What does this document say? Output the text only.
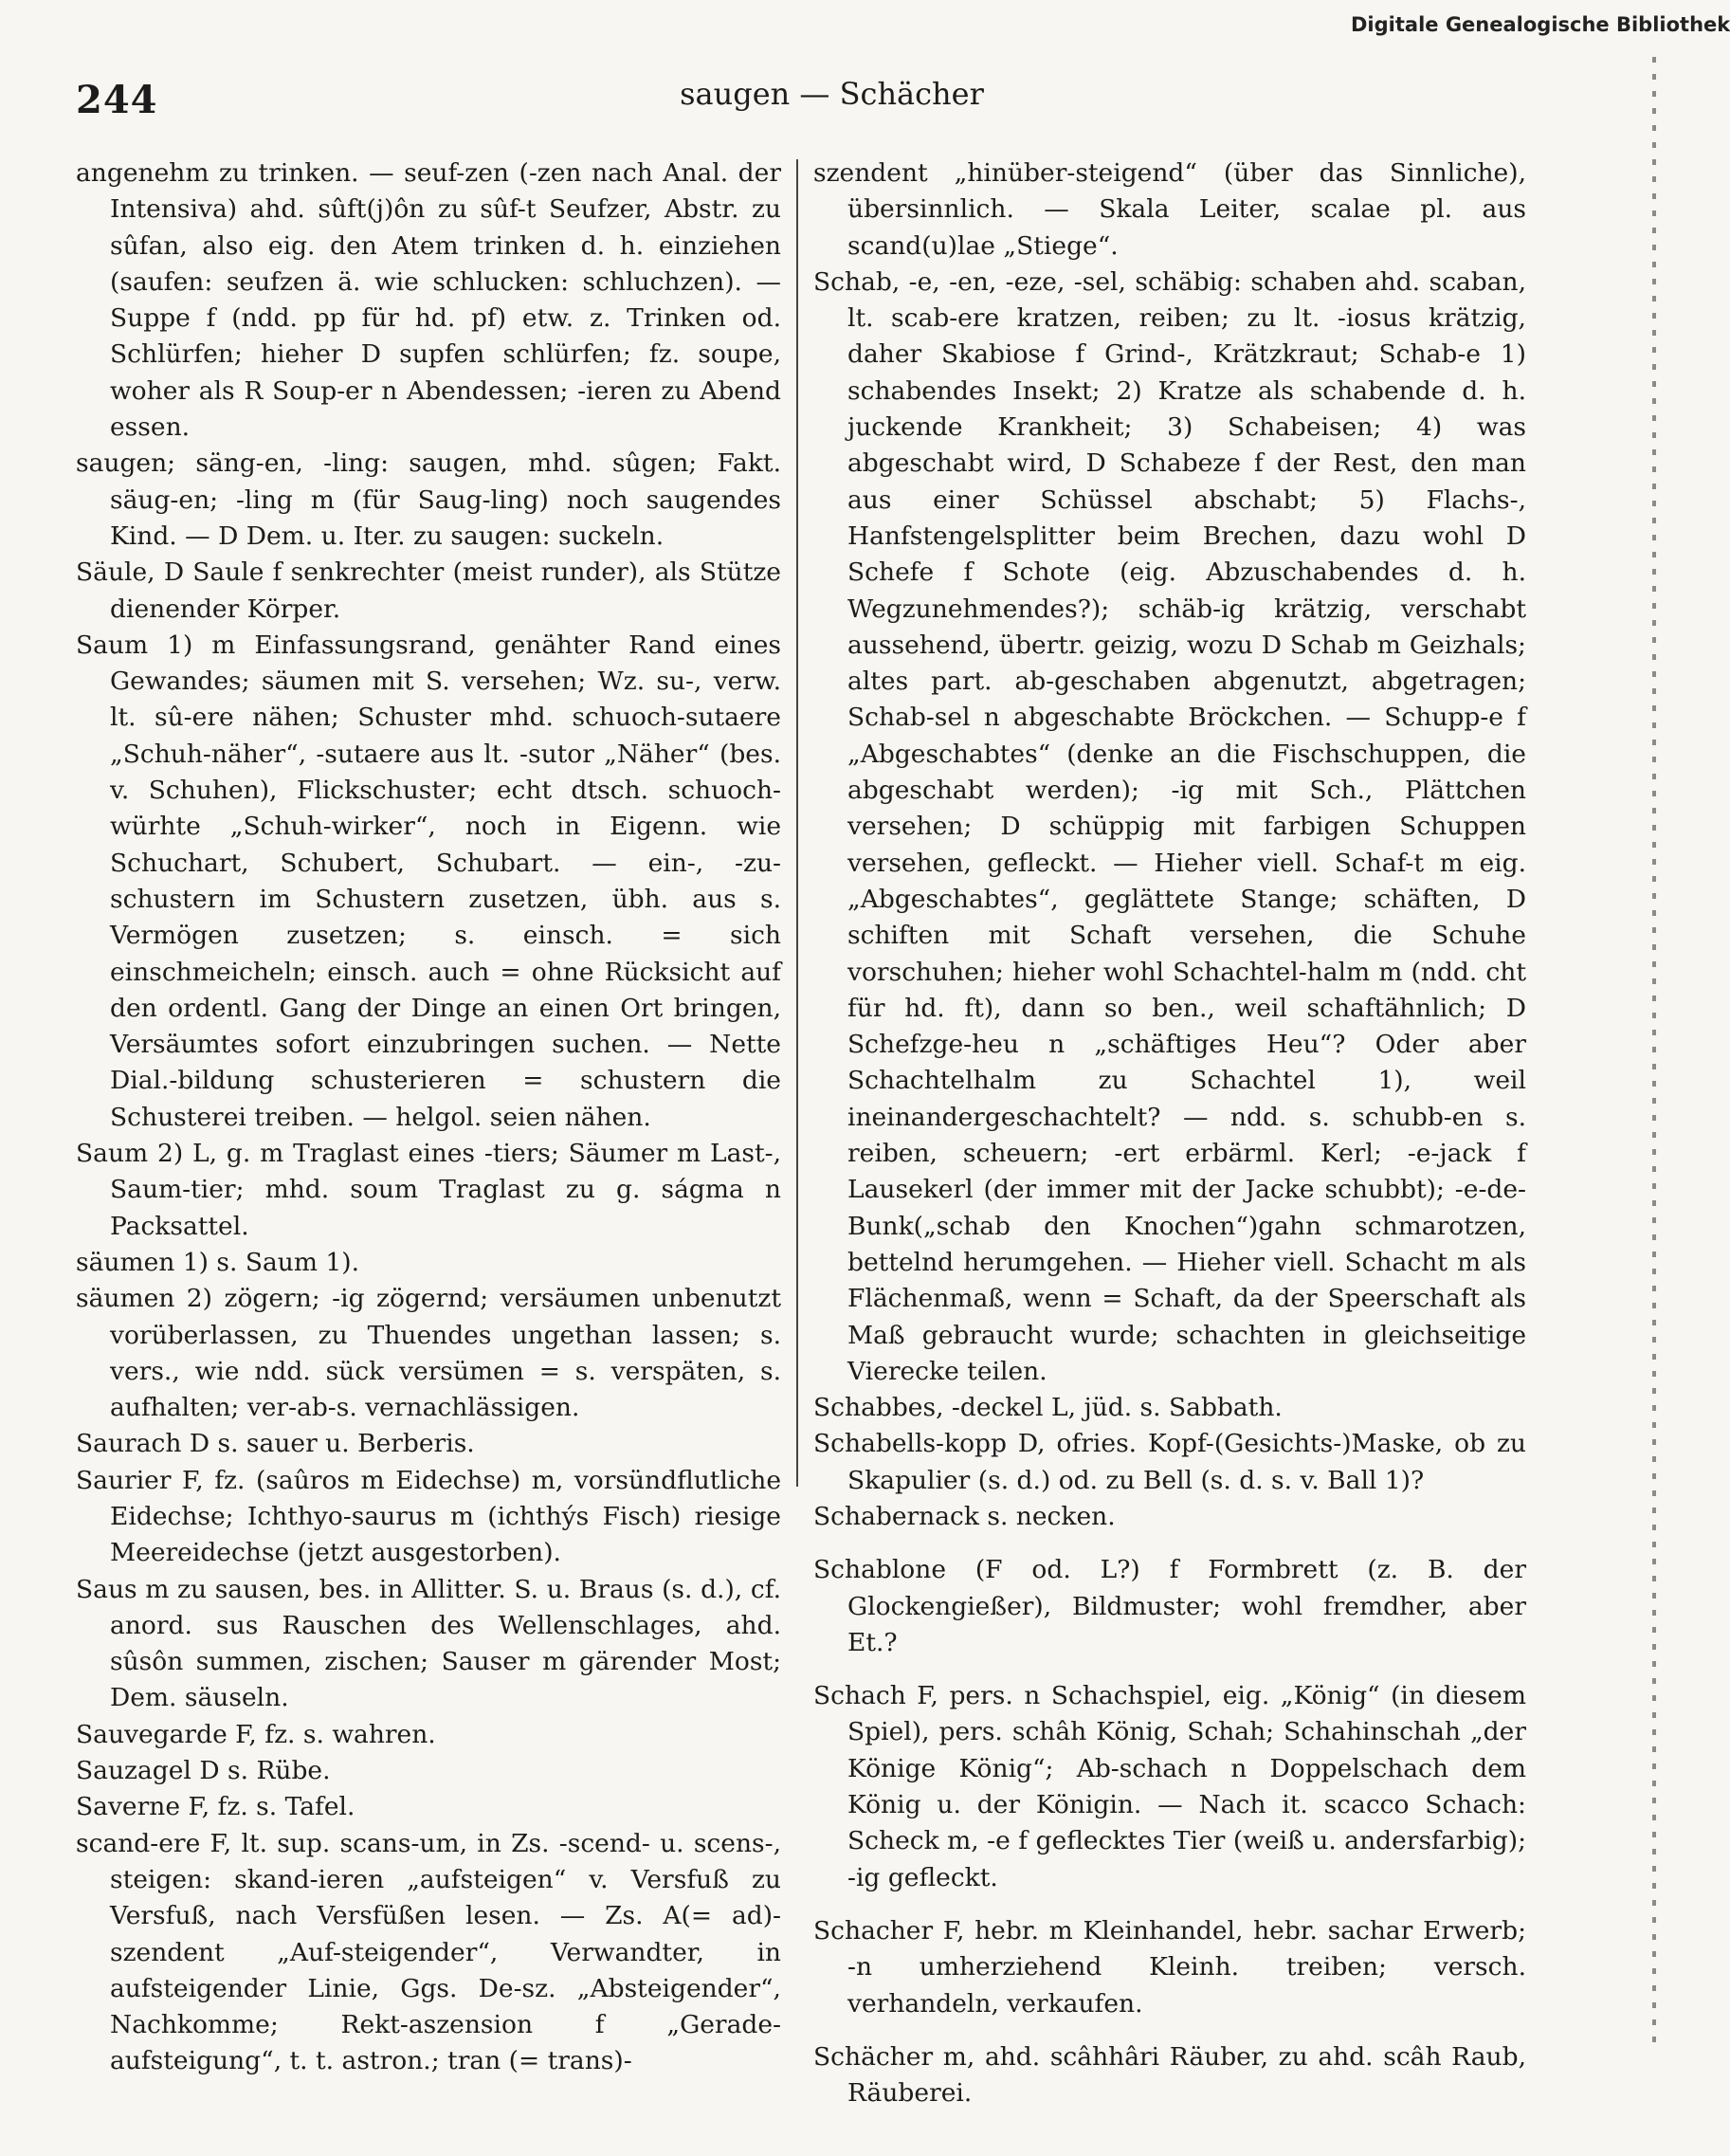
Digitale Genealogische Bibliothek
244	saugen — Schächer

angenehm zu trinken. — seuf-zen (-zen nach Anal. der Intensiva) ahd. sûft(j)ôn zu sûf-t Seufzer, Abstr. zu sûfan, also eig. den Atem trinken d. h. einziehen (saufen: seufzen ä. wie schlucken: schluchzen). — Suppe f (ndd. pp für hd. pf) etw. z. Trinken od. Schlürfen; hieher D supfen schlürfen; fz. soupe, woher als R Soup-er n Abendessen; -ieren zu Abend essen.

saugen; säng-en, -ling: saugen, mhd. sûgen; Fakt. säug-en; -ling m (für Saug-ling) noch saugendes Kind. — D Dem. u. Iter. zu saugen: suckeln.

Säule, D Saule f senkrechter (meist runder), als Stütze dienender Körper.

Saum 1) m Einfassungsrand, genähter Rand eines Gewandes; säumen mit S. versehen; Wz. su-, verw. lt. sû-ere nähen; Schuster mhd. schuoch-sutaere „Schuh-näher“, -sutaere aus lt. -sutor „Näher“ (bes. v. Schuhen), Flickschuster; echt dtsch. schuoch-würhte „Schuh-wirker“, noch in Eigenn. wie Schuchart, Schubert, Schubart. — ein-, -zu-schustern im Schustern zusetzen, übh. aus s. Vermögen zusetzen; s. einsch. = sich einschmeicheln; einsch. auch = ohne Rücksicht auf den ordentl. Gang der Dinge an einen Ort bringen, Versäumtes sofort einzubringen suchen. — Nette Dial.-bildung schusterieren = schustern die Schusterei treiben. — helgol. seien nähen.

Saum 2) L, g. m Traglast eines -tiers; Säumer m Last-, Saum-tier; mhd. soum Traglast zu g. ságma n Packsattel.

säumen 1) s. Saum 1).

säumen 2) zögern; -ig zögernd; versäumen unbenutzt vorüberlassen, zu Thuendes ungethan lassen; s. vers., wie ndd. sück versümen = s. verspäten, s. aufhalten; ver-ab-s. vernachlässigen.

Saurach D s. sauer u. Berberis.

Saurier F, fz. (saûros m Eidechse) m, vorsündflutliche Eidechse; Ichthyo-saurus m (ichthýs Fisch) riesige Meereidechse (jetzt ausgestorben).

Saus m zu sausen, bes. in Allitter. S. u. Braus (s. d.), cf. anord. sus Rauschen des Wellenschlages, ahd. sûsôn summen, zischen; Sauser m gärender Most; Dem. säuseln.

Sauvegarde F, fz. s. wahren.

Sauzagel D s. Rübe.

Saverne F, fz. s. Tafel.

scand-ere F, lt. sup. scans-um, in Zs. -scend- u. scens-, steigen: skand-ieren „aufsteigen“ v. Versfuß zu Versfuß, nach Versfüßen lesen. — Zs. A(= ad)-szendent „Auf-steigender“, Verwandter, in aufsteigender Linie, Ggs. De-sz. „Absteigender“, Nachkomme; Rekt-aszension f „Gerade-aufsteigung“, t. t. astron.; tran (= trans)-

szendent „hinüber-steigend“ (über das Sinnliche), übersinnlich. — Skala Leiter, scalae pl. aus scand(u)lae „Stiege“.

Schab, -e, -en, -eze, -sel, schäbig: schaben ahd. scaban, lt. scab-ere kratzen, reiben; zu lt. -iosus krätzig, daher Skabiose f Grind-, Krätzkraut; Schab-e 1) schabendes Insekt; 2) Kratze als schabende d. h. juckende Krankheit; 3) Schabeisen; 4) was abgeschabt wird, D Schabeze f der Rest, den man aus einer Schüssel abschabt; 5) Flachs-, Hanfstengelsplitter beim Brechen, dazu wohl D Schefe f Schote (eig. Abzuschabendes d. h. Wegzunehmendes?); schäb-ig krätzig, verschabt aussehend, übertr. geizig, wozu D Schab m Geizhals; altes part. ab-geschaben abgenutzt, abgetragen; Schab-sel n abgeschabte Bröckchen. — Schupp-e f „Abgeschabtes“ (denke an die Fischschuppen, die abgeschabt werden); -ig mit Sch., Plättchen versehen; D schüppig mit farbigen Schuppen versehen, gefleckt. — Hieher viell. Schaf-t m eig. „Abgeschabtes“, geglättete Stange; schäften, D schiften mit Schaft versehen, die Schuhe vorschuhen; hieher wohl Schachtel-halm m (ndd. cht für hd. ft), dann so ben., weil schaftähnlich; D Schefzge-heu n „schäftiges Heu“? Oder aber Schachtelhalm zu Schachtel 1), weil ineinandergeschachtelt? — ndd. s. schubb-en s. reiben, scheuern; -ert erbärml. Kerl; -e-jack f Lausekerl (der immer mit der Jacke schubbt); -e-de-Bunk(„schab den Knochen“)gahn schmarotzen, bettelnd herumgehen. — Hieher viell. Schacht m als Flächenmaß, wenn = Schaft, da der Speerschaft als Maß gebraucht wurde; schachten in gleichseitige Vierecke teilen.

Schabbes, -deckel L, jüd. s. Sabbath.

Schabells-kopp D, ofries. Kopf-(Gesichts-)Maske, ob zu Skapulier (s. d.) od. zu Bell (s. d. s. v. Ball 1)?

Schabernack s. necken.

Schablone (F od. L?) f Formbrett (z. B. der Glockengießer), Bildmuster; wohl fremdher, aber Et.?

Schach F, pers. n Schachspiel, eig. „König“ (in diesem Spiel), pers. schâh König, Schah; Schahinschah „der Könige König“; Ab-schach n Doppelschach dem König u. der Königin. — Nach it. scacco Schach: Scheck m, -e f geflecktes Tier (weiß u. andersfarbig); -ig gefleckt.

Schacher F, hebr. m Kleinhandel, hebr. sachar Erwerb; -n umherziehend Kleinh. treiben; versch. verhandeln, verkaufen.

Schächer m, ahd. scâhhâri Räuber, zu ahd. scâh Raub, Räuberei.
